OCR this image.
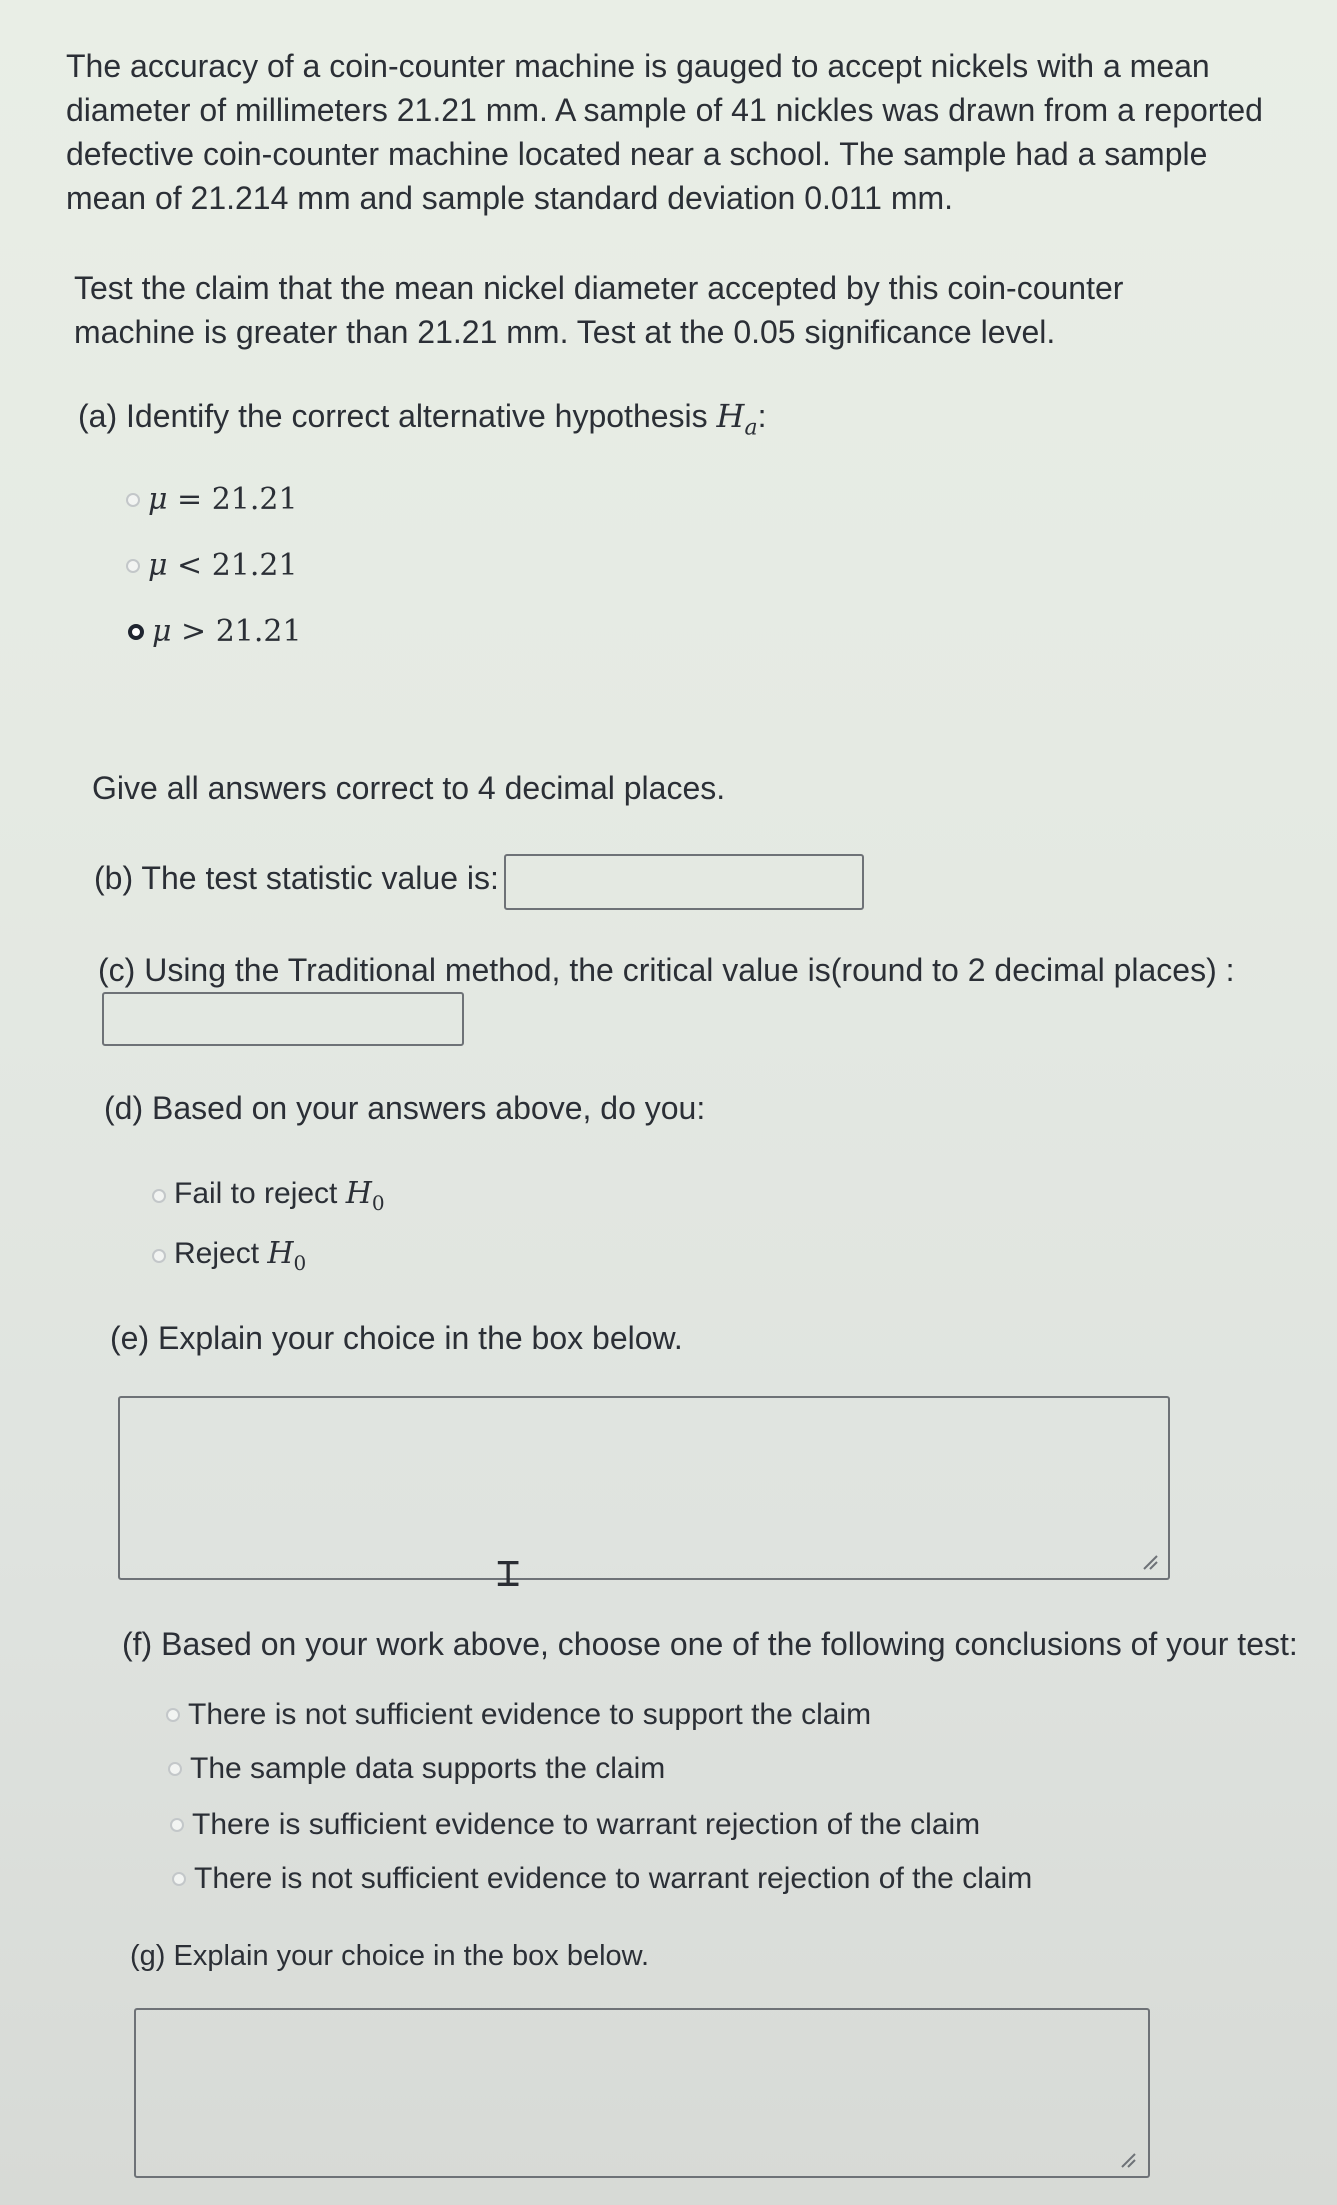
The accuracy of a coin-counter machine is gauged to accept nickels with a mean diameter of millimeters 21.21 mm. A sample of 41 nickles was drawn from a reported defective coin-counter machine located near a school. The sample had a sample mean of 21.214 mm and sample standard deviation 0.011 mm.
Test the claim that the mean nickel diameter accepted by this coin-counter machine is greater than 21.21 mm. Test at the 0.05 significance level.
(a) Identify the correct alternative hypothesis $H_a$:
μ = 21.21
μ < 21.21
μ > 21.21
Give all answers correct to 4 decimal places.
(b) The test statistic value is:
(c) Using the Traditional method, the critical value is(round to 2 decimal places) :
(d) Based on your answers above, do you:
Fail to reject $H_0$
Reject $H_0$
(e) Explain your choice in the box below.
⌶
(f) Based on your work above, choose one of the following conclusions of your test:
There is not sufficient evidence to support the claim
The sample data supports the claim
There is sufficient evidence to warrant rejection of the claim
There is not sufficient evidence to warrant rejection of the claim
(g) Explain your choice in the box below.
